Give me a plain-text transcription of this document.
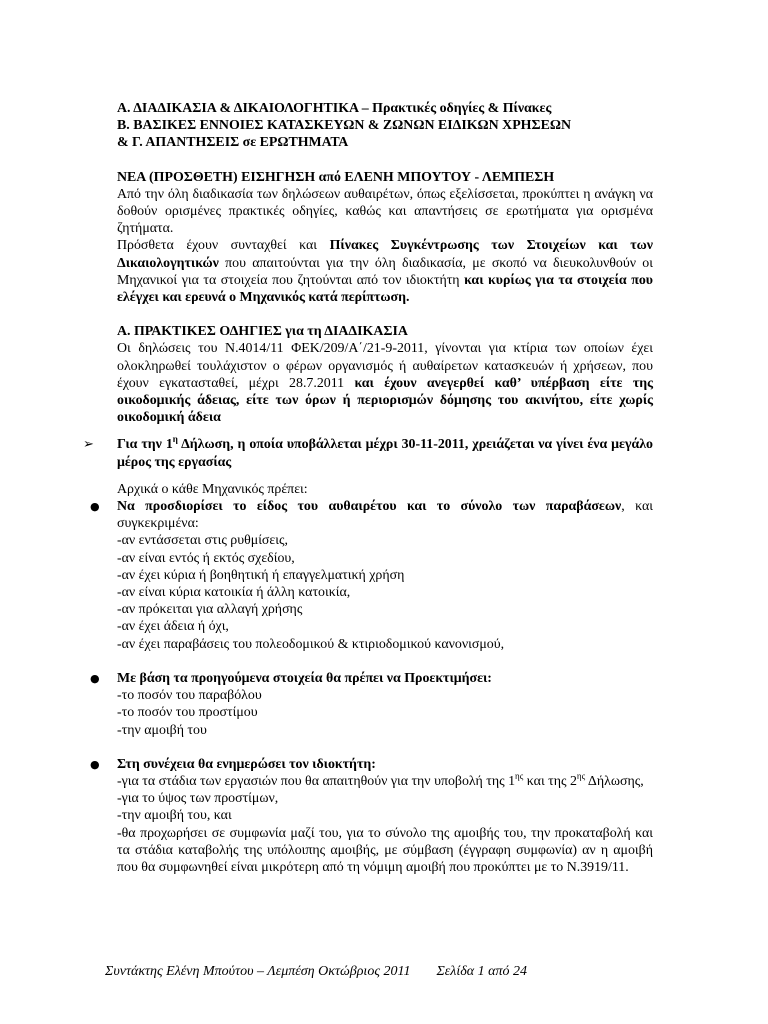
Α. ΔΙΑΔΙΚΑΣΙΑ & ΔΙΚΑΙΟΛΟΓΗΤΙΚΑ – Πρακτικές οδηγίες & Πίνακες

Β. ΒΑΣΙΚΕΣ ΕΝΝΟΙΕΣ ΚΑΤΑΣΚΕΥΩΝ & ΖΩΝΩΝ ΕΙΔΙΚΩΝ ΧΡΗΣΕΩΝ

& Γ. ΑΠΑΝΤΗΣΕΙΣ σε ΕΡΩΤΗΜΑΤΑ

ΝΕΑ (ΠΡΟΣΘΕΤΗ) ΕΙΣΗΓΗΣΗ από ΕΛΕΝΗ ΜΠΟΥΤΟΥ - ΛΕΜΠΕΣΗ

Από την όλη διαδικασία των δηλώσεων αυθαιρέτων, όπως εξελίσσεται, προκύπτει η ανάγκη να δοθούν ορισμένες πρακτικές οδηγίες, καθώς και απαντήσεις σε ερωτήματα για ορισμένα ζητήματα.

Πρόσθετα έχουν συνταχθεί και Πίνακες Συγκέντρωσης των Στοιχείων και των Δικαιολογητικών που απαιτούνται για την όλη διαδικασία, με σκοπό να διευκολυνθούν οι Μηχανικοί για τα στοιχεία που ζητούνται από τον ιδιοκτήτη και κυρίως για τα στοιχεία που ελέγχει και ερευνά ο Μηχανικός κατά περίπτωση.

Α. ΠΡΑΚΤΙΚΕΣ ΟΔΗΓΙΕΣ για τη ΔΙΑΔΙΚΑΣΙΑ

Οι δηλώσεις του Ν.4014/11 ΦΕΚ/209/Α΄/21-9-2011, γίνονται για κτίρια των οποίων έχει ολοκληρωθεί τουλάχιστον ο φέρων οργανισμός ή αυθαίρετων κατασκευών ή χρήσεων, που έχουν εγκατασταθεί, μέχρι 28.7.2011 και έχουν ανεγερθεί καθ’ υπέρβαση είτε της οικοδομικής άδειας, είτε των όρων ή περιορισμών δόμησης του ακινήτου, είτε χωρίς οικοδομική άδεια

➢ Για την $1^\eta$ Δήλωση, η οποία υποβάλλεται μέχρι 30-11-2011, χρειάζεται να γίνει ένα μεγάλο μέρος της εργασίας

Αρχικά ο κάθε Μηχανικός πρέπει:

● Να προσδιορίσει το είδος του αυθαιρέτου και το σύνολο των παραβάσεων, και συγκεκριμένα:

-αν εντάσσεται στις ρυθμίσεις,

-αν είναι εντός ή εκτός σχεδίου,

-αν έχει κύρια ή βοηθητική ή επαγγελματική χρήση

-αν είναι κύρια κατοικία ή άλλη κατοικία,

-αν πρόκειται για αλλαγή χρήσης

-αν έχει άδεια ή όχι,

-αν έχει παραβάσεις του πολεοδομικού & κτιριοδομικού κανονισμού,

● Με βάση τα προηγούμενα στοιχεία θα πρέπει να Προεκτιμήσει:

-το ποσόν του παραβόλου

-το ποσόν του προστίμου

-την αμοιβή του

● Στη συνέχεια θα ενημερώσει τον ιδιοκτήτη:

-για τα στάδια των εργασιών που θα απαιτηθούν για την υποβολή της $1^{\eta\varsigma}$ και της $2^{\eta\varsigma}$ Δήλωσης,

-για το ύψος των προστίμων,

-την αμοιβή του, και

-θα προχωρήσει σε συμφωνία μαζί του, για το σύνολο της αμοιβής του, την προκαταβολή και τα στάδια καταβολής της υπόλοιπης αμοιβής, με σύμβαση (έγγραφη συμφωνία) αν η αμοιβή που θα συμφωνηθεί είναι μικρότερη από τη νόμιμη αμοιβή που προκύπτει με το Ν.3919/11.

Συντάκτης Ελένη Μπούτου – Λεμπέση Οκτώβριος 2011 Σελίδα 1 από 24
